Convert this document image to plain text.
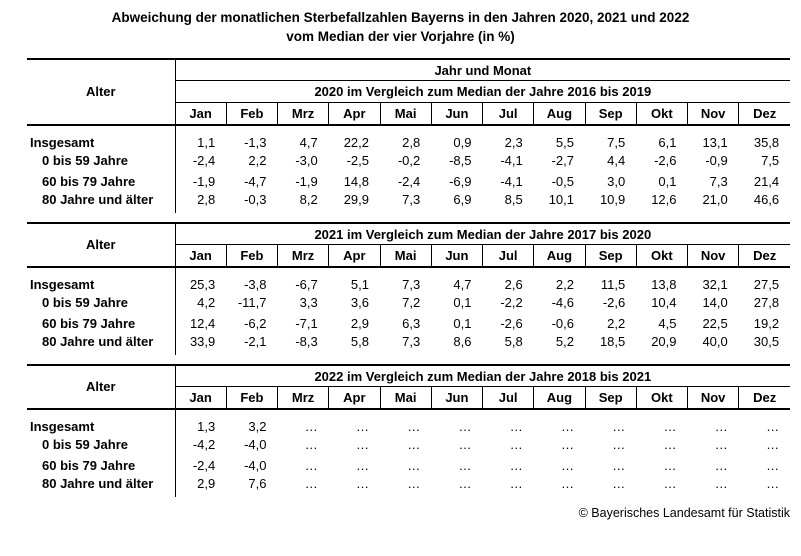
Abweichung der monatlichen Sterbefallzahlen Bayerns in den Jahren 2020, 2021 und 2022
vom Median der vier Vorjahre (in %)
Alter	Jahr und Monat											
	2020 im Vergleich zum Median der Jahre 2016 bis 2019											
	Jan	Feb	Mrz	Apr	Mai	Jun	Jul	Aug	Sep	Okt	Nov	Dez
Insgesamt	1,1	-1,3	4,7	22,2	2,8	0,9	2,3	5,5	7,5	6,1	13,1	35,8
0 bis 59 Jahre	-2,4	2,2	-3,0	-2,5	-0,2	-8,5	-4,1	-2,7	4,4	-2,6	-0,9	7,5
60 bis 79 Jahre	-1,9	-4,7	-1,9	14,8	-2,4	-6,9	-4,1	-0,5	3,0	0,1	7,3	21,4
80 Jahre und älter	2,8	-0,3	8,2	29,9	7,3	6,9	8,5	10,1	10,9	12,6	21,0	46,6
Alter	2021 im Vergleich zum Median der Jahre 2017 bis 2020											
	Jan	Feb	Mrz	Apr	Mai	Jun	Jul	Aug	Sep	Okt	Nov	Dez
Insgesamt	25,3	-3,8	-6,7	5,1	7,3	4,7	2,6	2,2	11,5	13,8	32,1	27,5
0 bis 59 Jahre	4,2	-11,7	3,3	3,6	7,2	0,1	-2,2	-4,6	-2,6	10,4	14,0	27,8
60 bis 79 Jahre	12,4	-6,2	-7,1	2,9	6,3	0,1	-2,6	-0,6	2,2	4,5	22,5	19,2
80 Jahre und älter	33,9	-2,1	-8,3	5,8	7,3	8,6	5,8	5,2	18,5	20,9	40,0	30,5
Alter	2022 im Vergleich zum Median der Jahre 2018 bis 2021											
	Jan	Feb	Mrz	Apr	Mai	Jun	Jul	Aug	Sep	Okt	Nov	Dez
Insgesamt	1,3	3,2	…	…	…	…	…	…	…	…	…	…
0 bis 59 Jahre	-4,2	-4,0	…	…	…	…	…	…	…	…	…	…
60 bis 79 Jahre	-2,4	-4,0	…	…	…	…	…	…	…	…	…	…
80 Jahre und älter	2,9	7,6	…	…	…	…	…	…	…	…	…	…
© Bayerisches Landesamt für Statistik
